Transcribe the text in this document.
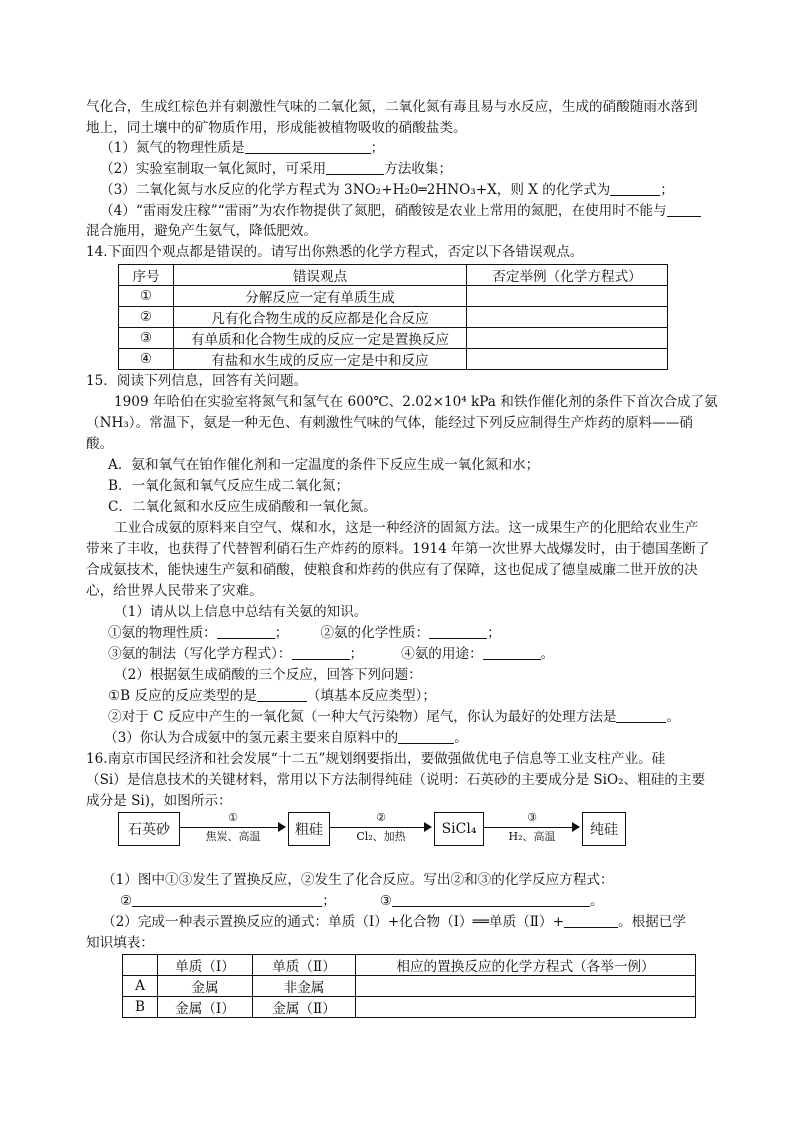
气化合，生成红棕色并有刺激性气味的二氧化氮，二氧化氮有毒且易与水反应，生成的硝酸随雨水落到
地上，同土壤中的矿物质作用，形成能被植物吸收的硝酸盐类。
（1）氮气的物理性质是	；
（2）实验室制取一氧化氮时，可采用	方法收集；
（3）二氧化氮与水反应的化学方程式为 3NO₂+H₂0═2HNO₃+X，则 X 的化学式为	；
（4）“雷雨发庄稼”“雷雨”为农作物提供了氮肥，硝酸铵是农业上常用的氮肥，在使用时不能与
混合施用，避免产生氨气，降低肥效。
14.下面四个观点都是错误的。请写出你熟悉的化学方程式，否定以下各错误观点。
序号	错误观点	否定举例（化学方程式）
①	分解反应一定有单质生成	
②	凡有化合物生成的反应都是化合反应	
③	有单质和化合物生成的反应一定是置换反应	
④	有盐和水生成的反应一定是中和反应	
15．阅读下列信息，回答有关问题。
1909 年哈伯在实验室将氮气和氢气在 600℃、2.02×10⁴ kPa 和铁作催化剂的条件下首次合成了氨
（NH₃）。常温下，氨是一种无色、有刺激性气味的气体，能经过下列反应制得生产炸药的原料——硝
酸。
A．氨和氧气在铂作催化剂和一定温度的条件下反应生成一氧化氮和水；
B．一氧化氮和氧气反应生成二氧化氮；
C．二氧化氮和水反应生成硝酸和一氧化氮。
工业合成氨的原料来自空气、煤和水，这是一种经济的固氮方法。这一成果生产的化肥给农业生产
带来了丰收，也获得了代替智利硝石生产炸药的原料。1914 年第一次世界大战爆发时，由于德国垄断了
合成氨技术，能快速生产氨和硝酸，使粮食和炸药的供应有了保障，这也促成了德皇威廉二世开放的决
心，给世界人民带来了灾难。
（1）请从以上信息中总结有关氨的知识。
①氨的物理性质：	； ②氨的化学性质：	；
③氨的制法（写化学方程式）：	；	④氨的用途：	。
（2）根据氨生成硝酸的三个反应，回答下列问题：
①B 反应的反应类型的是	（填基本反应类型）；
②对于 C 反应中产生的一氧化氮（一种大气污染物）尾气，你认为最好的处理方法是	。
（3）你认为合成氨中的氢元素主要来自原料中的	。
16.南京市国民经济和社会发展“十二五”规划纲要指出，要做强做优电子信息等工业支柱产业。硅
（Si）是信息技术的关键材料，常用以下方法制得纯硅（说明：石英砂的主要成分是 SiO₂、粗硅的主要
成分是 Si)，如图所示：
石英砂
①
焦炭、高温	粗硅
②
Cl₂、加热	SiCl₄
③
H₂、高温	纯硅
（1）图中①③发生了置换反应，②发生了化合反应。写出②和③的化学反应方程式：
②	；	③	。
（2）完成一种表示置换反应的通式：单质（Ⅰ）+化合物（Ⅰ）══单质（Ⅱ）+	。根据已学
知识填表：
	单质（Ⅰ）	单质（Ⅱ）	相应的置换反应的化学方程式（各举一例）
A	金属	非金属	
B	金属（Ⅰ）	金属（Ⅱ）	
